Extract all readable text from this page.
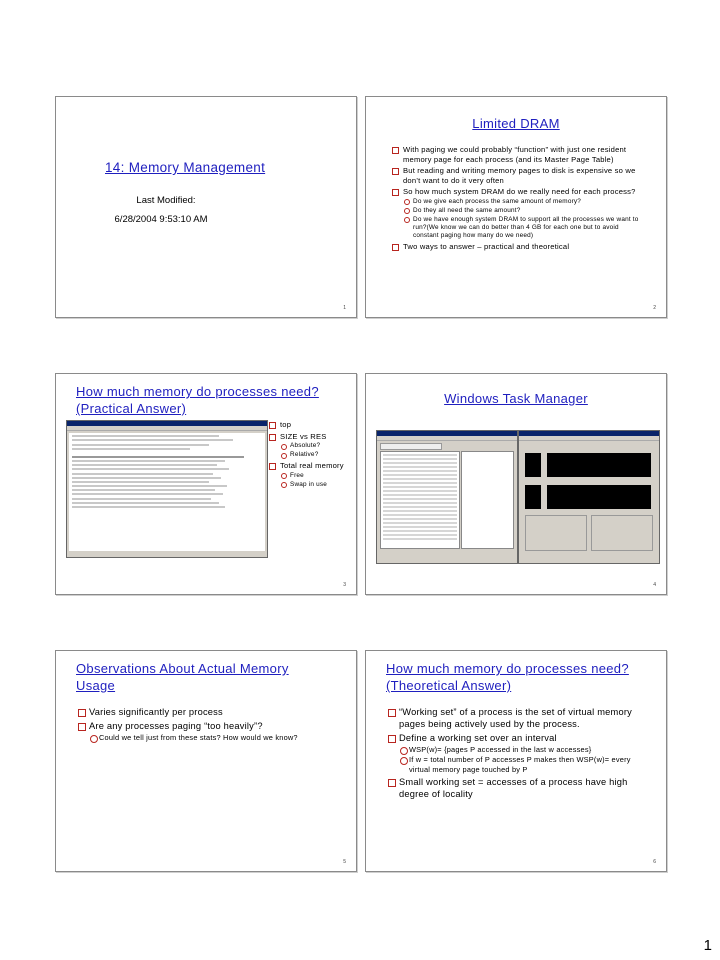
14: Memory Management
Last Modified:
6/28/2004 9:53:10 AM
1
Limited DRAM
With paging we could probably “function” with just one resident memory page for each process (and its Master Page Table)
But reading and writing memory pages to disk is expensive so we don’t want to do it very often
So how much system DRAM do we really need for each process?
Do we give each process the same amount of memory?
Do they all need the same amount?
Do we have enough system DRAM to support all the processes we want to run?(We know we can do better than 4 GB for each one but to avoid constant paging how many do we need)
Two ways to answer – practical and theoretical
2
How much memory do processes need? (Practical Answer)
top
SIZE vs RES
Absolute?
Relative?
Total real memory
Free
Swap in use
3
Windows Task Manager
4
Observations About Actual Memory Usage
Varies significantly per process
Are any processes paging “too heavily”?
Could we tell just from these stats? How would we know?
5
How much memory do processes need? (Theoretical Answer)
“Working set” of a process is the set of virtual memory pages being actively used by the process.
Define a working set over an interval
WSP(w)= {pages P accessed in the last w accesses}
If w = total number of P accesses P makes then WSP(w)= every virtual memory page touched by P
Small working set = accesses of a process have high degree of locality
6
1
